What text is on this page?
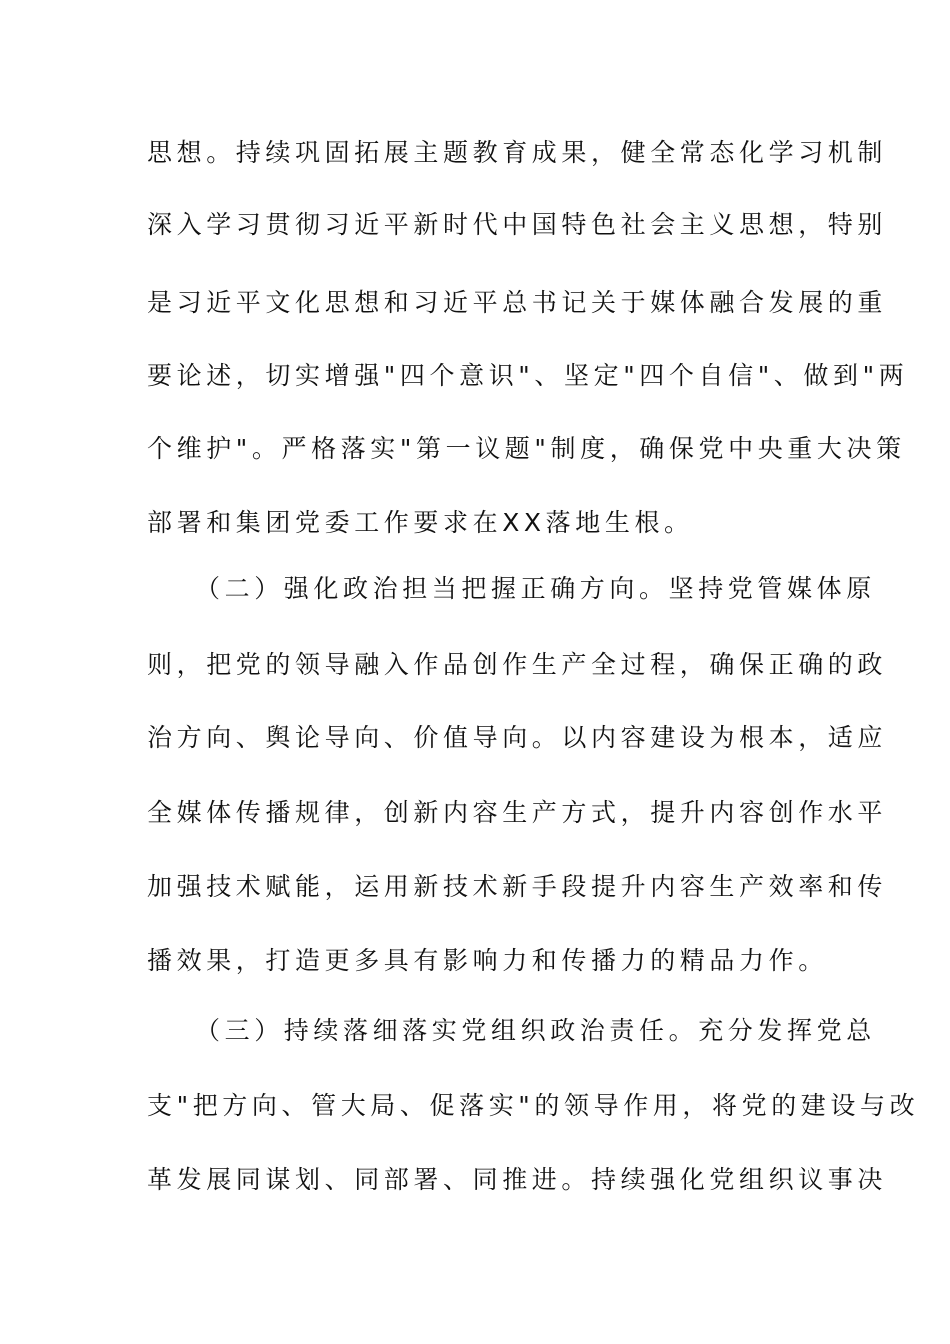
思想。持续巩固拓展主题教育成果，健全常态化学习机制
深入学习贯彻习近平新时代中国特色社会主义思想，特别
是习近平文化思想和习近平总书记关于媒体融合发展的重
要论述，切实增强"四个意识"、坚定"四个自信"、做到"两
个维护"。严格落实"第一议题"制度，确保党中央重大决策
部署和集团党委工作要求在XX落地生根。
（二）强化政治担当把握正确方向。坚持党管媒体原
则，把党的领导融入作品创作生产全过程，确保正确的政
治方向、舆论导向、价值导向。以内容建设为根本，适应
全媒体传播规律，创新内容生产方式，提升内容创作水平
加强技术赋能，运用新技术新手段提升内容生产效率和传
播效果，打造更多具有影响力和传播力的精品力作。
（三）持续落细落实党组织政治责任。充分发挥党总
支"把方向、管大局、促落实"的领导作用，将党的建设与改
革发展同谋划、同部署、同推进。持续强化党组织议事决
